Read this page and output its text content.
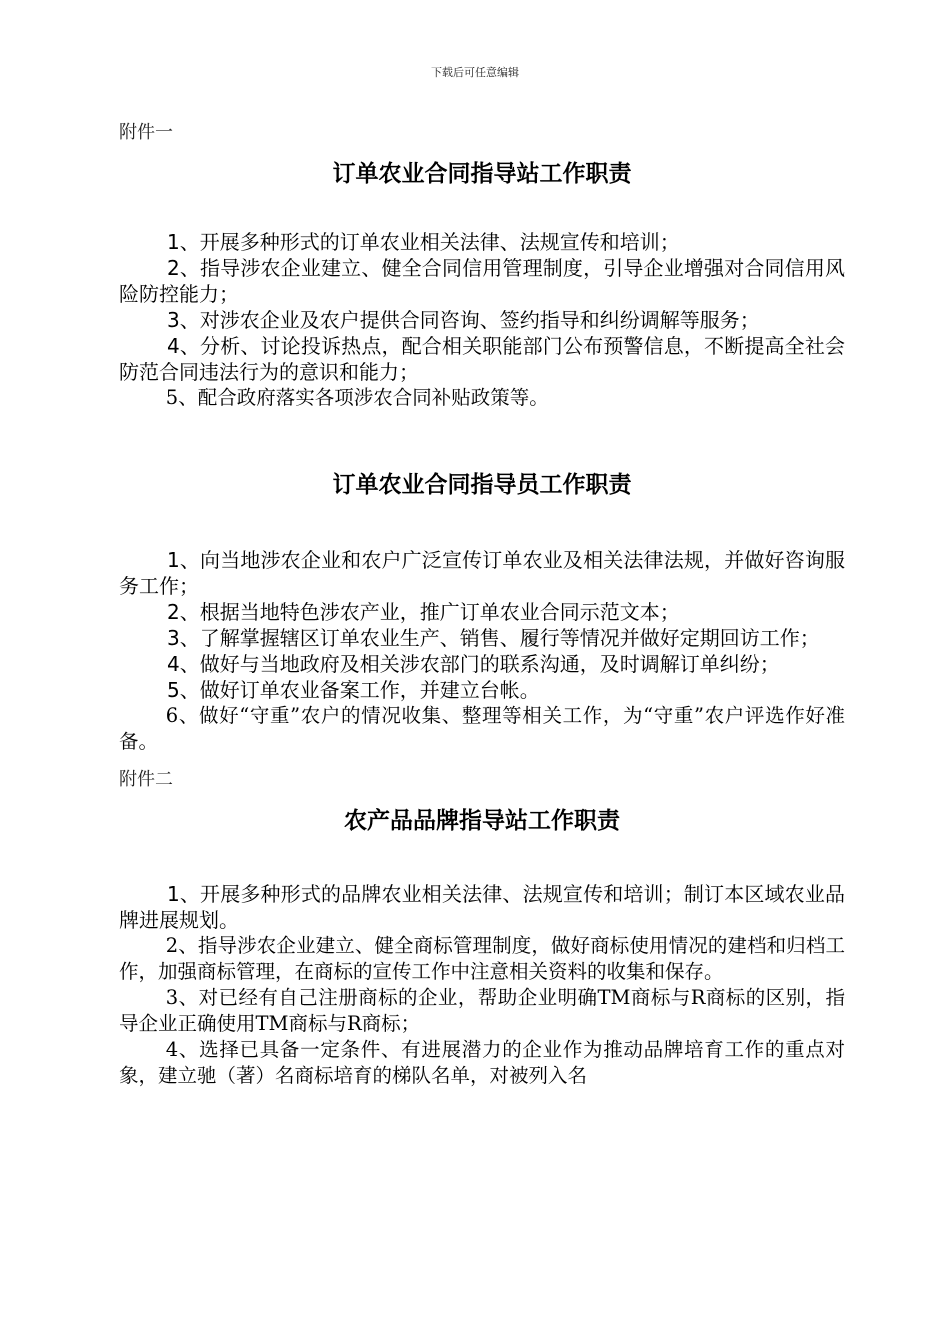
下载后可任意编辑

附件一

订单农业合同指导站工作职责

1、开展多种形式的订单农业相关法律、法规宣传和培训；

2、指导涉农企业建立、健全合同信用管理制度，引导企业增强对合同信用风险防控能力；

3、对涉农企业及农户提供合同咨询、签约指导和纠纷调解等服务；

4、分析、讨论投诉热点，配合相关职能部门公布预警信息，不断提高全社会防范合同违法行为的意识和能力；

5、配合政府落实各项涉农合同补贴政策等。

订单农业合同指导员工作职责

1、向当地涉农企业和农户广泛宣传订单农业及相关法律法规，并做好咨询服务工作；

2、根据当地特色涉农产业，推广订单农业合同示范文本；

3、了解掌握辖区订单农业生产、销售、履行等情况并做好定期回访工作；

4、做好与当地政府及相关涉农部门的联系沟通，及时调解订单纠纷；

5、做好订单农业备案工作，并建立台帐。

6、做好“守重”农户的情况收集、整理等相关工作，为“守重”农户评选作好准备。

附件二

农产品品牌指导站工作职责

1、开展多种形式的品牌农业相关法律、法规宣传和培训；制订本区域农业品牌进展规划。

2、指导涉农企业建立、健全商标管理制度，做好商标使用情况的建档和归档工作，加强商标管理，在商标的宣传工作中注意相关资料的收集和保存。

3、对已经有自己注册商标的企业，帮助企业明确TM商标与R商标的区别，指导企业正确使用TM商标与R商标；

4、选择已具备一定条件、有进展潜力的企业作为推动品牌培育工作的重点对象，建立驰（著）名商标培育的梯队名单，对被列入名
